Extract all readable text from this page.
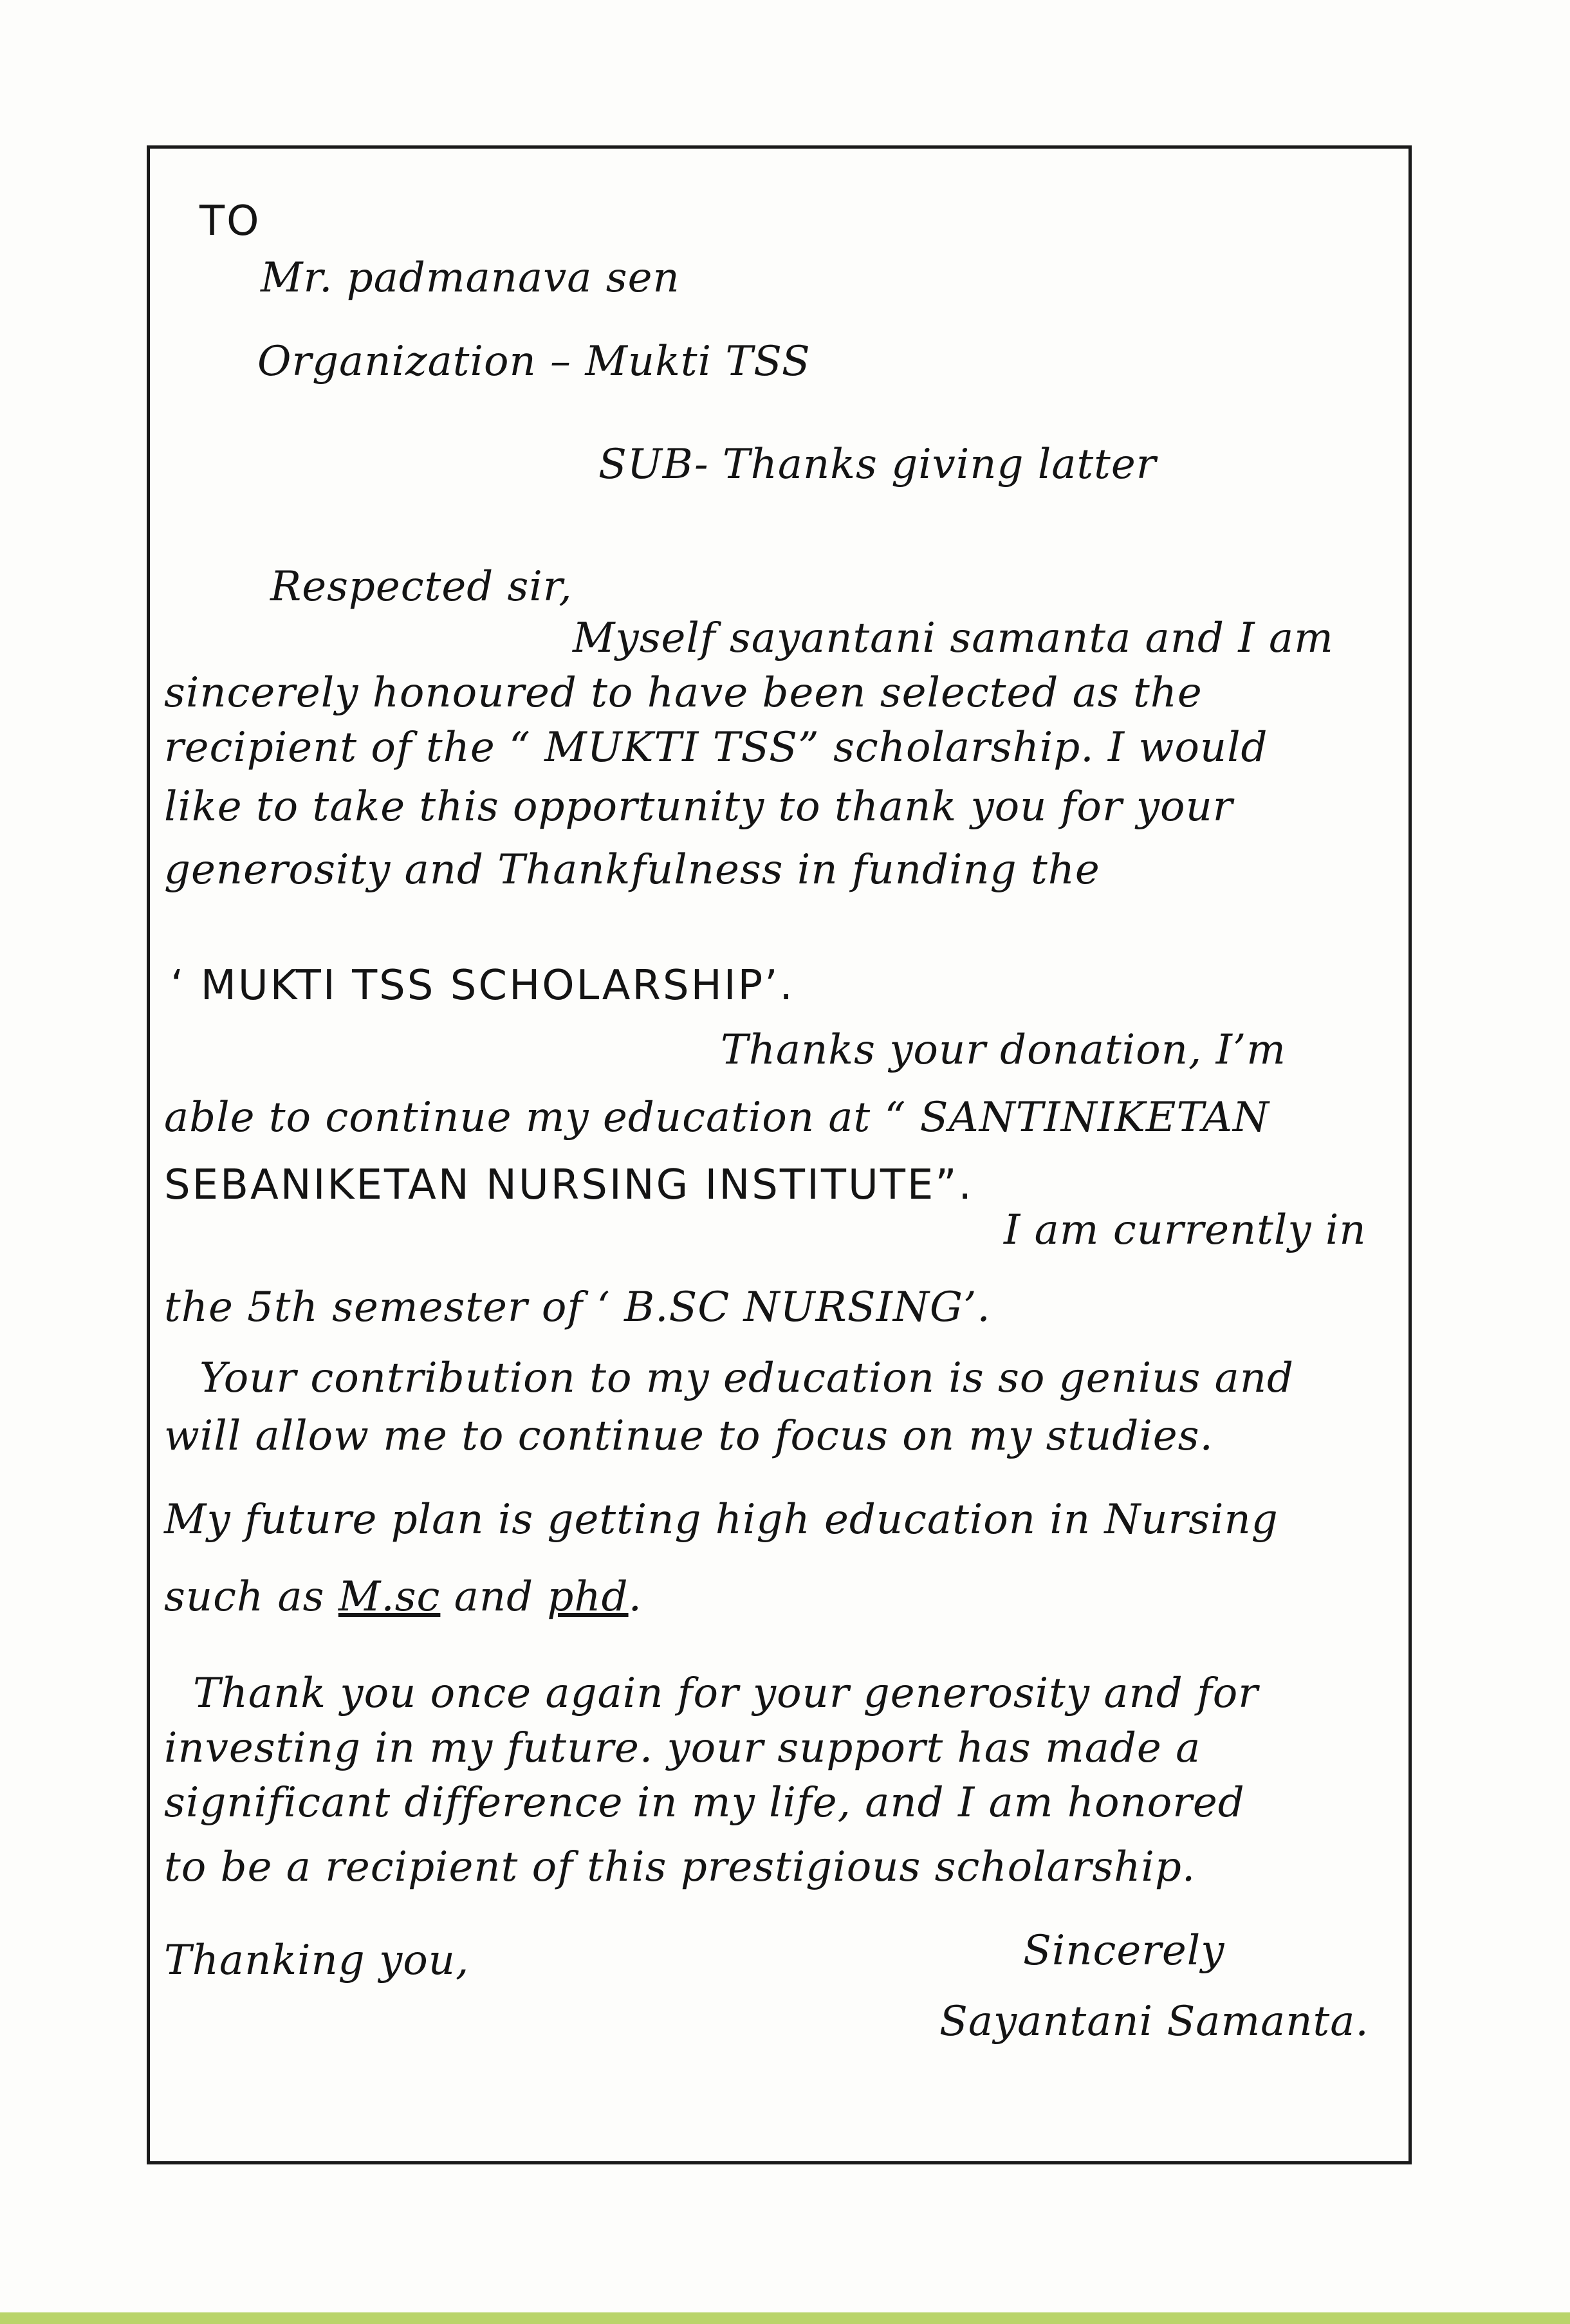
TO
Mr. padmanava sen
Organization – Mukti TSS
SUB- Thanks giving latter
Respected sir,
Myself sayantani samanta and I am
sincerely honoured to have been selected as the
recipient of the “ MUKTI TSS” scholarship. I would
like to take this opportunity to thank you for your
generosity and Thankfulness in funding the
‘ MUKTI TSS SCHOLARSHIP’.
Thanks your donation, I’m
able to continue my education at “ SANTINIKETAN
SEBANIKETAN NURSING INSTITUTE”.
I am currently in
the 5th semester of ‘ B.SC NURSING’.
Your contribution to my education is so genius and
will allow me to continue to focus on my studies.
My future plan is getting high education in Nursing
such as M.sc and phd.
Thank you once again for your generosity and for
investing in my future. your support has made a
significant difference in my life, and I am honored
to be a recipient of this prestigious scholarship.
Thanking you,	Sincerely
Sayantani Samanta.
